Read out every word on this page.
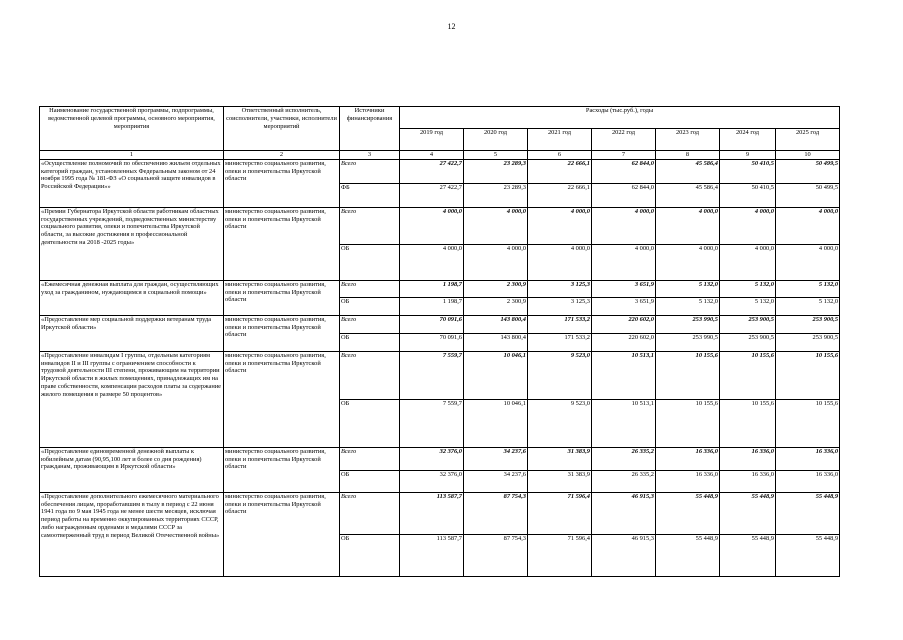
12
Наименование государственной программы, подпрограммы, ведомственной целевой программы, основного мероприятия, мероприятия	Ответственный исполнитель, соисполнители, участники, исполнители мероприятий	Источники финансирования	Расходы (тыс.руб.), годы						
			2019 год	2020 год	2021 год	2022 год	2023 год	2024 год	2025 год
1	2	3	4	5	6	7	8	9	10
«Осуществление полномочий по обеспечению жильем отдельных категорий граждан, установленных Федеральным законом от 24 ноября 1995 года № 181-ФЗ «О социальной защите инвалидов в Российской Федерации»»	министерство социального развития, опеки и попечительства Иркутской области	Всего	27 422,7	23 289,3	22 666,1	62 844,0	45 586,4	50 410,5	50 499,5
		ФБ	27 422,7	23 289,3	22 666,1	62 844,0	45 586,4	50 410,5	50 499,5
«Премии Губернатора Иркутской области работникам областных государственных учреждений, подведомственных министерству социального развития, опеки и попечительства Иркутской области, за высокие достижения в профессиональной деятельности на 2018 -2025 годы»	министерство социального развития, опеки и попечительства Иркутской области	Всего	4 000,0	4 000,0	4 000,0	4 000,0	4 000,0	4 000,0	4 000,0
		ОБ	4 000,0	4 000,0	4 000,0	4 000,0	4 000,0	4 000,0	4 000,0
«Ежемесячная денежная выплата для граждан, осуществляющих уход за гражданином, нуждающимся в социальной помощи»	министерство социального развития, опеки и попечительства Иркутской области	Всего	1 198,7	2 300,9	3 125,3	3 651,9	5 132,0	5 132,0	5 132,0
		ОБ	1 198,7	2 300,9	3 125,3	3 651,9	5 132,0	5 132,0	5 132,0
«Предоставление мер социальной поддержки ветеранам труда Иркутской области»	министерство социального развития, опеки и попечительства Иркутской области	Всего	70 091,6	143 800,4	171 533,2	220 602,0	253 990,5	253 900,5	253 900,5
		ОБ	70 091,6	143 800,4	171 533,2	220 602,0	253 990,5	253 900,5	253 900,5
«Предоставление инвалидам I группы, отдельным категориям инвалидов II и III группы с ограничением способности к трудовой деятельности III степени, проживающим на территории Иркутской области в жилых помещениях, принадлежащих им на праве собственности, компенсации расходов платы за содержание жилого помещения в размере 50 процентов»	министерство социального развития, опеки и попечительства Иркутской области	Всего	7 559,7	10 046,1	9 523,0	10 513,1	10 155,6	10 155,6	10 155,6
		ОБ	7 559,7	10 046,1	9 523,0	10 513,1	10 155,6	10 155,6	10 155,6
«Предоставление единовременной денежной выплаты к юбилейным датам (90,95,100 лет и более со дня рождения) гражданам, проживающим в Иркутской области»	министерство социального развития, опеки и попечительства Иркутской области	Всего	32 376,0	34 237,6	31 383,9	26 335,2	16 336,0	16 336,0	16 336,0
		ОБ	32 376,0	34 237,6	31 383,9	26 335,2	16 336,0	16 336,0	16 336,0
«Предоставление дополнительного ежемесячного материального обеспечения лицам, проработавшим в тылу в период с 22 июня 1941 года по 9 мая 1945 года не менее шести месяцев, исключая период работы на временно оккупированных территориях СССР, либо награжденным орденами и медалями СССР за самоотверженный труд в период Великой Отечественной войны»	министерство социального развития, опеки и попечительства Иркутской области	Всего	113 587,7	87 754,3	71 596,4	46 915,3	55 448,9	55 448,9	55 448,9
		ОБ	113 587,7	87 754,3	71 596,4	46 915,3	55 448,9	55 448,9	55 448,9
